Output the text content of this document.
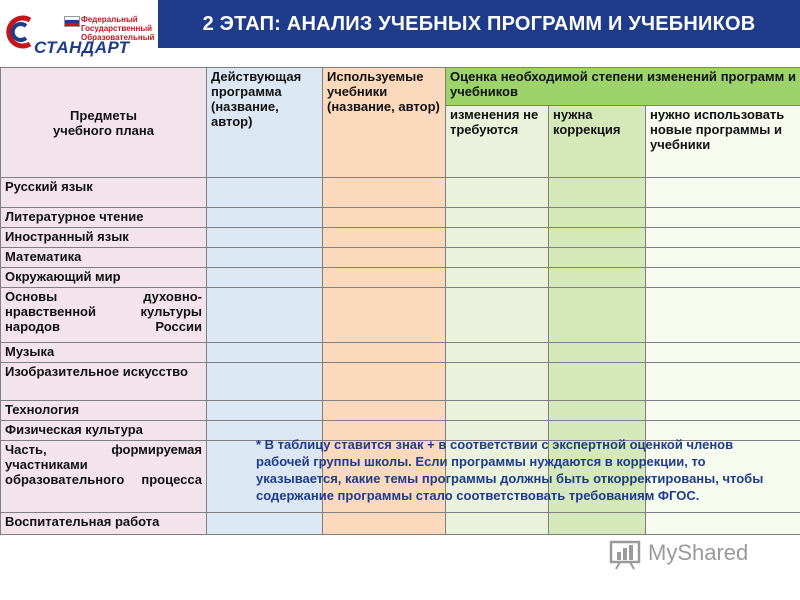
Федеральный
Государственный
Образовательный
СТАНДАРТ
2 ЭТАП: АНАЛИЗ УЧЕБНЫХ ПРОГРАММ И УЧЕБНИКОВ
Предметы учебного плана	Действующая программа (название, автор)	Используемые учебники (название, автор)	Оценка необходимой степени изменений программ и учебников		
			изменения не требуются	нужна коррекция	нужно использовать новые программы и учебники
Русский язык					
Литературное чтение					
Иностранный язык					
Математика					
Окружающий мир					
Основы духовно-нравственной культуры народов России					
Музыка					
Изобразительное искусство					
Технология					
Физическая культура					
Часть, формируемая участниками образовательного процесса					
Воспитательная работа					
* В таблицу ставится знак + в соответствии с экспертной оценкой членов рабочей группы школы. Если программы нуждаются в коррекции, то указывается, какие темы программы должны быть откорректированы, чтобы содержание программы стало соответствовать требованиям ФГОС.
MyShared
